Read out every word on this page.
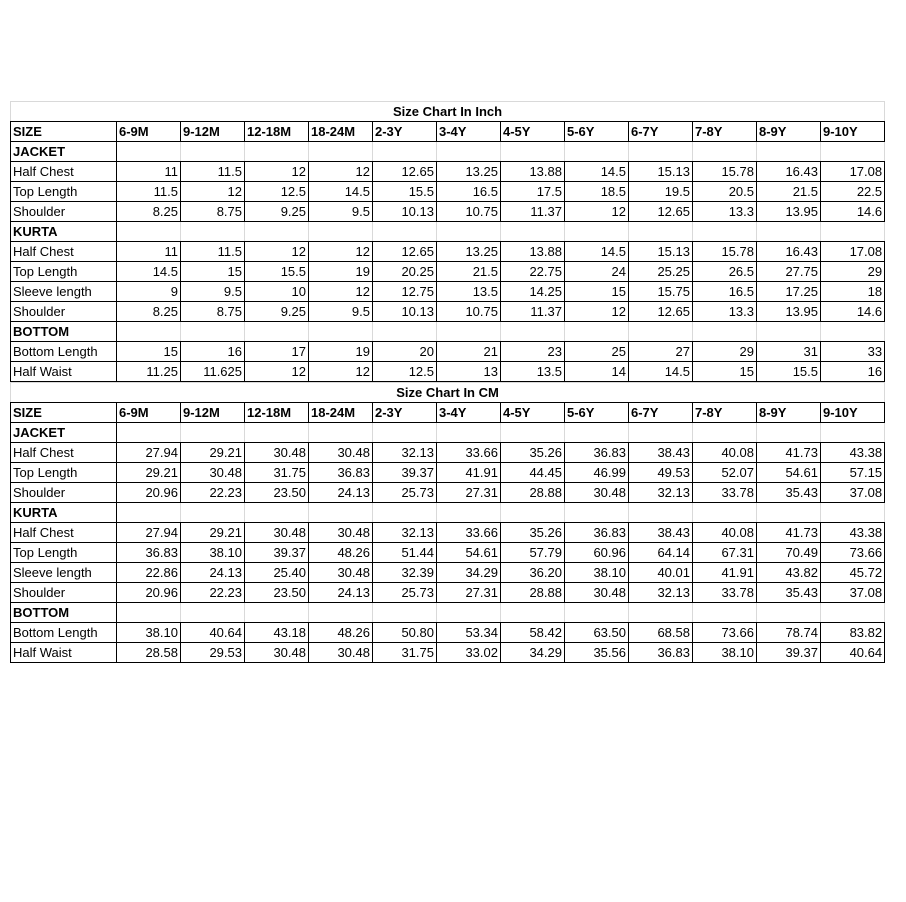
Size Chart In Inch												
SIZE	6-9M	9-12M	12-18M	18-24M	2-3Y	3-4Y	4-5Y	5-6Y	6-7Y	7-8Y	8-9Y	9-10Y
JACKET												
Half Chest	11	11.5	12	12	12.65	13.25	13.88	14.5	15.13	15.78	16.43	17.08
Top Length	11.5	12	12.5	14.5	15.5	16.5	17.5	18.5	19.5	20.5	21.5	22.5
Shoulder	8.25	8.75	9.25	9.5	10.13	10.75	11.37	12	12.65	13.3	13.95	14.6
KURTA												
Half Chest	11	11.5	12	12	12.65	13.25	13.88	14.5	15.13	15.78	16.43	17.08
Top Length	14.5	15	15.5	19	20.25	21.5	22.75	24	25.25	26.5	27.75	29
Sleeve length	9	9.5	10	12	12.75	13.5	14.25	15	15.75	16.5	17.25	18
Shoulder	8.25	8.75	9.25	9.5	10.13	10.75	11.37	12	12.65	13.3	13.95	14.6
BOTTOM												
Bottom Length	15	16	17	19	20	21	23	25	27	29	31	33
Half Waist	11.25	11.625	12	12	12.5	13	13.5	14	14.5	15	15.5	16
Size Chart In CM												
SIZE	6-9M	9-12M	12-18M	18-24M	2-3Y	3-4Y	4-5Y	5-6Y	6-7Y	7-8Y	8-9Y	9-10Y
JACKET												
Half Chest	27.94	29.21	30.48	30.48	32.13	33.66	35.26	36.83	38.43	40.08	41.73	43.38
Top Length	29.21	30.48	31.75	36.83	39.37	41.91	44.45	46.99	49.53	52.07	54.61	57.15
Shoulder	20.96	22.23	23.50	24.13	25.73	27.31	28.88	30.48	32.13	33.78	35.43	37.08
KURTA												
Half Chest	27.94	29.21	30.48	30.48	32.13	33.66	35.26	36.83	38.43	40.08	41.73	43.38
Top Length	36.83	38.10	39.37	48.26	51.44	54.61	57.79	60.96	64.14	67.31	70.49	73.66
Sleeve length	22.86	24.13	25.40	30.48	32.39	34.29	36.20	38.10	40.01	41.91	43.82	45.72
Shoulder	20.96	22.23	23.50	24.13	25.73	27.31	28.88	30.48	32.13	33.78	35.43	37.08
BOTTOM												
Bottom Length	38.10	40.64	43.18	48.26	50.80	53.34	58.42	63.50	68.58	73.66	78.74	83.82
Half Waist	28.58	29.53	30.48	30.48	31.75	33.02	34.29	35.56	36.83	38.10	39.37	40.64
